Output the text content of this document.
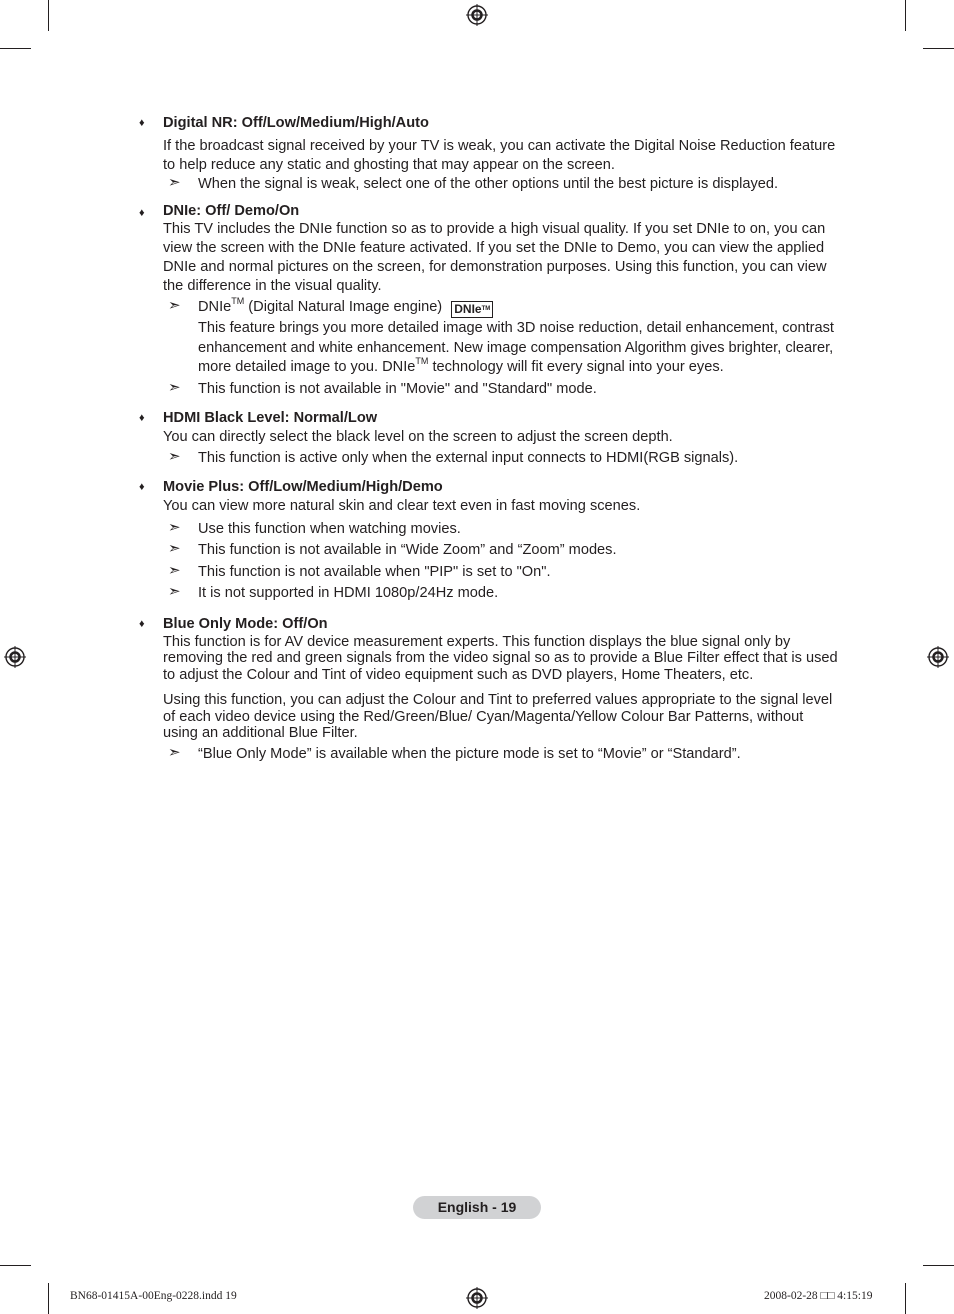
♦ Digital NR: Off/Low/Medium/High/Auto
If the broadcast signal received by your TV is weak, you can activate the Digital Noise Reduction feature to help reduce any static and ghosting that may appear on the screen.
➣ When the signal is weak, select one of the other options until the best picture is displayed.
♦ DNIe: Off/ Demo/On
This TV includes the DNIe function so as to provide a high visual quality. If you set DNIe to on, you can view the screen with the DNIe feature activated. If you set the DNIe to Demo, you can view the applied DNIe and normal pictures on the screen, for demonstration purposes. Using this function, you can view the difference in the visual quality.
➣ DNIe™ (Digital Natural Image engine) DNIe™
This feature brings you more detailed image with 3D noise reduction, detail enhancement, contrast enhancement and white enhancement. New image compensation Algorithm gives brighter, clearer, more detailed image to you. DNIe™ technology will fit every signal into your eyes.
➣ This function is not available in "Movie" and "Standard" mode.
♦ HDMI Black Level: Normal/Low
You can directly select the black level on the screen to adjust the screen depth.
➣ This function is active only when the external input connects to HDMI(RGB signals).
♦ Movie Plus: Off/Low/Medium/High/Demo
You can view more natural skin and clear text even in fast moving scenes.
➣ Use this function when watching movies.
➣ This function is not available in “Wide Zoom” and “Zoom” modes.
➣ This function is not available when "PIP" is set to "On".
➣ It is not supported in HDMI 1080p/24Hz mode.
♦ Blue Only Mode: Off/On
This function is for AV device measurement experts. This function displays the blue signal only by removing the red and green signals from the video signal so as to provide a Blue Filter effect that is used to adjust the Colour and Tint of video equipment such as DVD players, Home Theaters, etc.
Using this function, you can adjust the Colour and Tint to preferred values appropriate to the signal level of each video device using the Red/Green/Blue/ Cyan/Magenta/Yellow Colour Bar Patterns, without using an additional Blue Filter.
➣ “Blue Only Mode” is available when the picture mode is set to “Movie” or “Standard”.
English - 19
BN68-01415A-00Eng-0228.indd 19	2008-02-28 □□ 4:15:19
